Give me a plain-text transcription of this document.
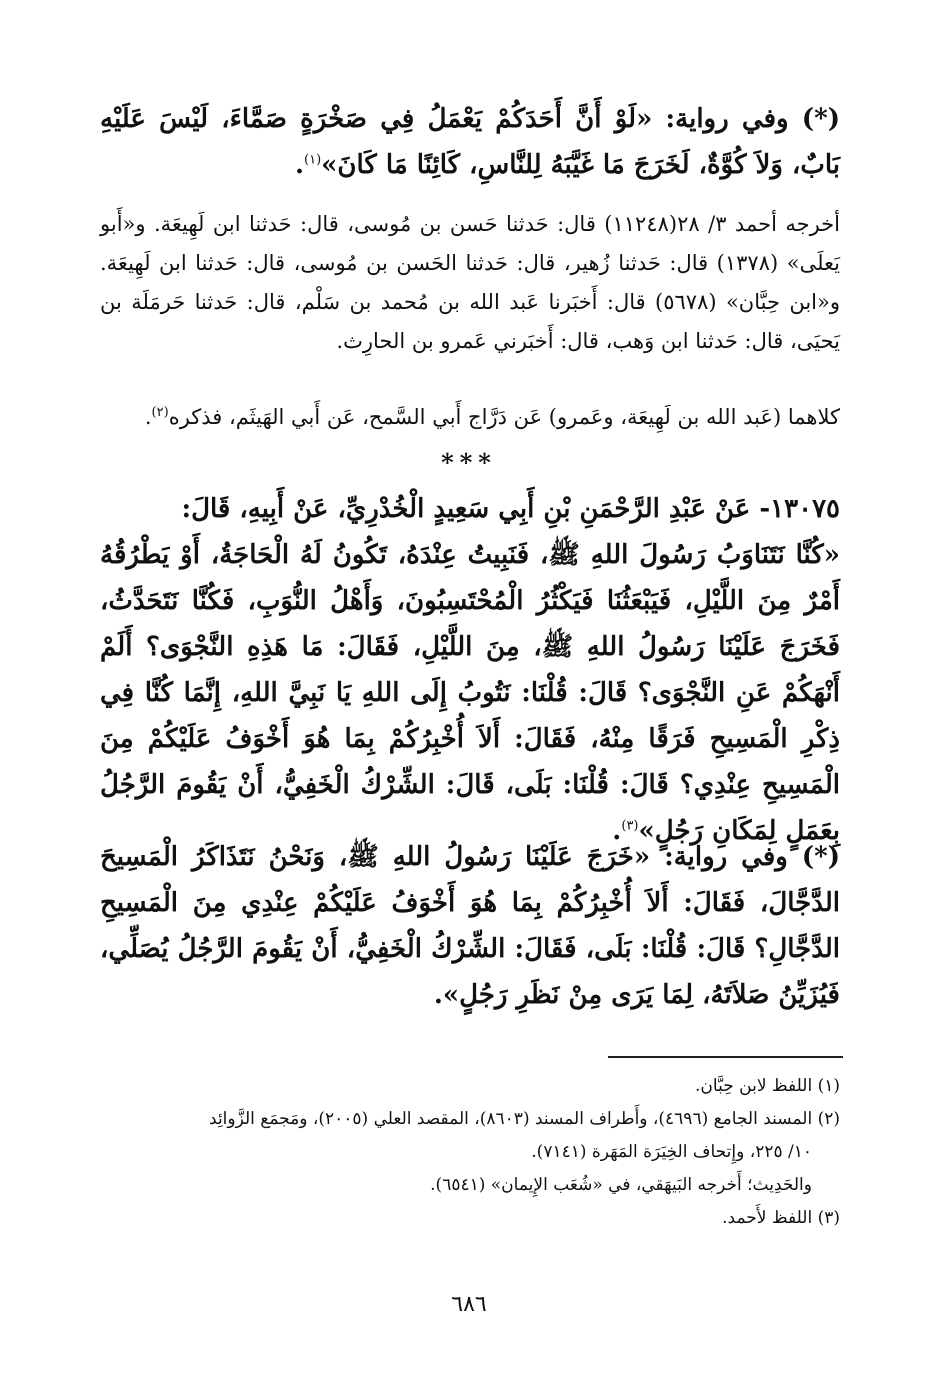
(*) وفي رواية: «لَوْ أَنَّ أَحَدَكُمْ يَعْمَلُ فِي صَخْرَةٍ صَمَّاءَ، لَيْسَ عَلَيْهِ بَابٌ، وَلاَ كُوَّةٌ، لَخَرَجَ مَا غَيَّبَهُ لِلنَّاسِ، كَائِنًا مَا كَانَ»$^{(١)}$.

أخرجه أحمد ٣/ ٢٨(١١٢٤٨) قال: حَدثنا حَسن بن مُوسى، قال: حَدثنا ابن لَهِيعَة. و«أَبو يَعلَى» (١٣٧٨) قال: حَدثنا زُهير، قال: حَدثنا الحَسن بن مُوسى، قال: حَدثنا ابن لَهِيعَة. و«ابن حِبَّان» (٥٦٧٨) قال: أَخبَرنا عَبد الله بن مُحمد بن سَلْم، قال: حَدثنا حَرمَلَة بن يَحيَى، قال: حَدثنا ابن وَهب، قال: أَخبَرني عَمرو بن الحارِث.

كلاهما (عَبد الله بن لَهِيعَة، وعَمرو) عَن دَرَّاج أَبي السَّمح، عَن أَبي الهَيثَم، فذكره$^{(٢)}$.

***
١٣٠٧٥- عَنْ عَبْدِ الرَّحْمَنِ بْنِ أَبِي سَعِيدٍ الْخُدْرِيِّ، عَنْ أَبِيهِ، قَالَ:
«كُنَّا نَتَنَاوَبُ رَسُولَ اللهِ ﷺ، فَنَبِيتُ عِنْدَهُ، تَكُونُ لَهُ الْحَاجَةُ، أَوْ يَطْرُقُهُ أَمْرٌ مِنَ اللَّيْلِ، فَيَبْعَثُنَا فَيَكْثُرُ الْمُحْتَسِبُونَ، وَأَهْلُ النُّوَبِ، فَكُنَّا نَتَحَدَّثُ، فَخَرَجَ عَلَيْنَا رَسُولُ اللهِ ﷺ، مِنَ اللَّيْلِ، فَقَالَ: مَا هَذِهِ النَّجْوَى؟ أَلَمْ أَنْهَكُمْ عَنِ النَّجْوَى؟ قَالَ: قُلْنَا: نَتُوبُ إِلَى اللهِ يَا نَبِيَّ اللهِ، إِنَّمَا كُنَّا فِي ذِكْرِ الْمَسِيحِ فَرَقًا مِنْهُ، فَقَالَ: أَلاَ أُخْبِرُكُمْ بِمَا هُوَ أَخْوَفُ عَلَيْكُمْ مِنَ الْمَسِيحِ عِنْدِي؟ قَالَ: قُلْنَا: بَلَى، قَالَ: الشِّرْكُ الْخَفِيُّ، أَنْ يَقُومَ الرَّجُلُ بِعَمَلٍ لِمَكَانِ رَجُلٍ»$^{(٣)}$.

(*) وفي رواية: «خَرَجَ عَلَيْنَا رَسُولُ اللهِ ﷺ، وَنَحْنُ نَتَذَاكَرُ الْمَسِيحَ الدَّجَّالَ، فَقَالَ: أَلاَ أُخْبِرُكُمْ بِمَا هُوَ أَخْوَفُ عَلَيْكُمْ عِنْدِي مِنَ الْمَسِيحِ الدَّجَّالِ؟ قَالَ: قُلْنَا: بَلَى، فَقَالَ: الشِّرْكُ الْخَفِيُّ، أَنْ يَقُومَ الرَّجُلُ يُصَلِّي، فَيُزَيِّنُ صَلاَتَهُ، لِمَا يَرَى مِنْ نَظَرِ رَجُلٍ».

(١) اللفظ لابن حِبَّان.
(٢) المسند الجامع (٤٦٩٦)، وأَطراف المسند (٨٦٠٣)، المقصد العلي (٢٠٠٥)، ومَجمَع الزَّوائِد
١٠/ ٢٢٥، وإِتحاف الخِيَرَة المَهَرة (٧١٤١).
والحَدِيث؛ أَخرجه البَيهَقي، في «شُعَب الإِيمان» (٦٥٤١).
(٣) اللفظ لأَحمد.
٦٨٦
